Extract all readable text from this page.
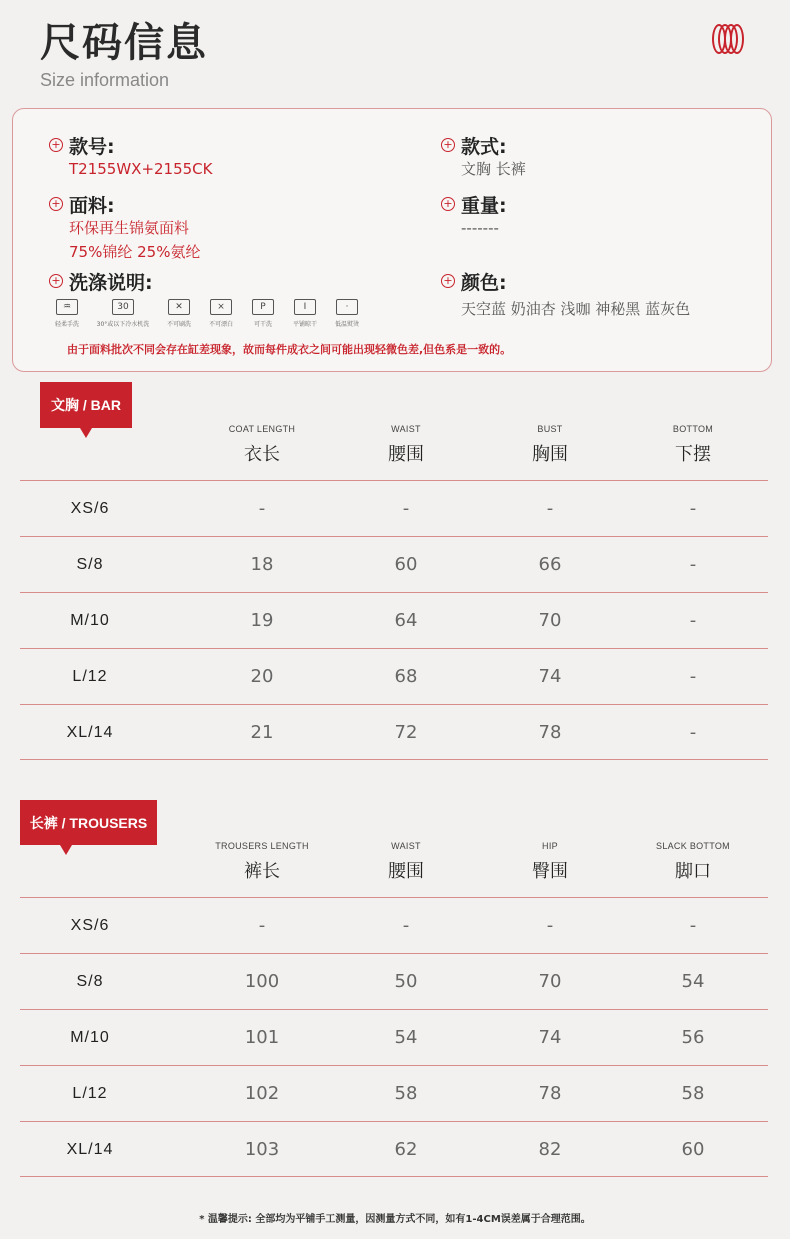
尺码信息
Size information
+ 款号:
T2155WX+2155CK
+ 款式:
文胸 长裤
+ 面料:
环保再生锦氨面料
75%锦纶 25%氨纶
+ 重量:
-------
+ 洗涤说明:
♒
轻柔手洗
30
30°或以下冷水机洗
✕
不可刷洗
⨯
不可漂白
P
可干洗
I
平铺晾干
·
低温熨烫
+ 颜色:
天空蓝 奶油杏 浅咖 神秘黑 蓝灰色
由于面料批次不同会存在缸差现象，故而每件成衣之间可能出现轻微色差,但色系是一致的。
文胸 / BAR
COAT LENGTH
衣长
WAIST
腰围
BUST
胸围
BOTTOM
下摆
XS/6	-	-	-	-
S/8	18	60	66	-
M/10	19	64	70	-
L/12	20	68	74	-
XL/14	21	72	78	-
长裤 / TROUSERS
TROUSERS LENGTH
裤长
WAIST
腰围
HIP
臀围
SLACK BOTTOM
脚口
XS/6	-	-	-	-
S/8	100	50	70	54
M/10	101	54	74	56
L/12	102	58	78	58
XL/14	103	62	82	60
* 温馨提示: 全部均为平铺手工测量，因测量方式不同，如有1-4CM误差属于合理范围。
